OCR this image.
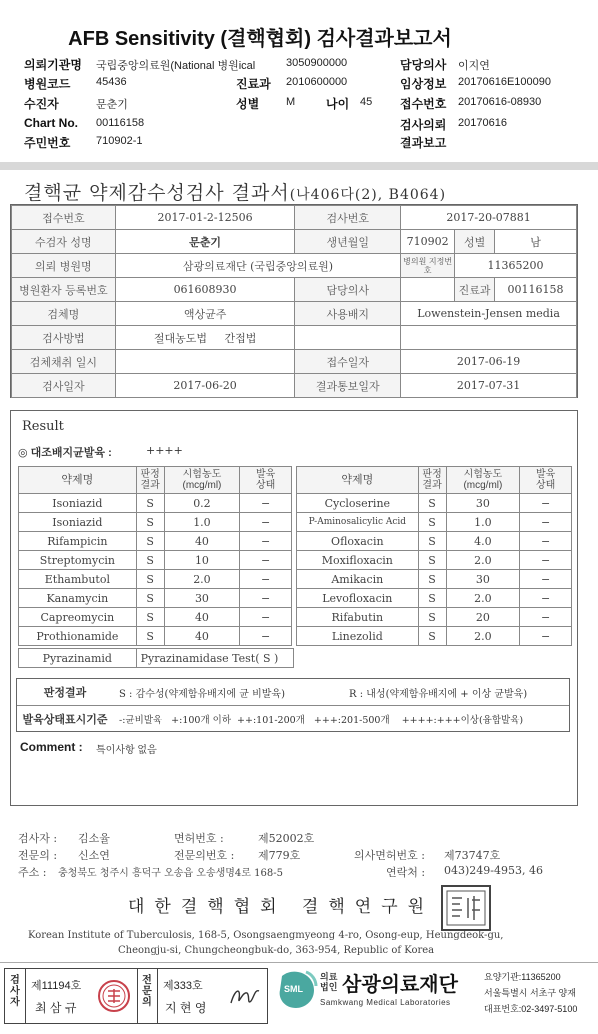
AFB Sensitivity (결핵협회) 검사결과보고서
의뢰기관명 국립중앙의료원(National 병원ical	3050900000	담당의사 이지연
병원코드 45436	진료과 2010600000	임상정보 20170616E100090
수진자	문춘기	성별 M	나이 45 접수번호 20170616-08930
Chart No. 00116158	검사의뢰 20170616
주민번호 710902-1	결과보고
결핵균 약제감수성검사 결과서(나406다(2), B4064)
접수번호	2017-01-2-12506	검사번호	2017-20-07881		
수검자 성명	문춘기	생년월일	710902	성별	남
의뢰 병원명	삼광의료재단 (국립중앙의료원)		병의원 지정번호	11365200	
병원환자 등록번호	061608930	담당의사		진료과	00116158
검체명	액상균주	사용배지	Lowenstein-Jensen media		
검사방법	절대농도법 간접법				
검체채취 일시		접수일자	2017-06-19		
검사일자	2017-06-20	결과통보일자	2017-07-31		
Result
◎ 대조배지균발육 :	++++
약제명	판정
결과	시험농도
(mcg/ml)	발육
상태
Isoniazid	S	0.2	−
Isoniazid	S	1.0	−
Rifampicin	S	40	−
Streptomycin	S	10	−
Ethambutol	S	2.0	−
Kanamycin	S	30	−
Capreomycin	S	40	−
Prothionamide	S	40	−
약제명	판정
결과	시험농도
(mcg/ml)	발육
상태
Cycloserine	S	30	−
P-Aminosalicylic Acid	S	1.0	−
Ofloxacin	S	4.0	−
Moxifloxacin	S	2.0	−
Amikacin	S	30	−
Levofloxacin	S	2.0	−
Rifabutin	S	20	−
Linezolid	S	2.0	−
Pyrazinamid	Pyrazinamidase Test( S )
판정결과	S : 감수성(약제함유배지에 균 비발육)	R : 내성(약제함유배지에 + 이상 균발육)
발육상태표시기준	-:균비발육   +:100개 이하  ++:101-200개   +++:201-500개    ++++:+++이상(융합발육)
Comment : 특이사항 없음
검사자 : 김소율	면허번호 :	제52002호
전문의 : 신소연	전문의번호 : 제779호	의사면허번호 : 제73747호
주소 : 충청북도 청주시 흥덕구 오송읍 오송생명4로 168-5	연락처 : 043)249-4953, 46
대한결핵협회 결핵연구원
Korean Institute of Tuberculosis, 168-5, Osongsaengmyeong 4-ro, Osong-eup, Heungdeok-gu,
Cheongju-si, Chungcheongbuk-do, 363-954, Republic of Korea
검사자
제11194호
최 삼 규
전문의
제333호
지 현 영
SML
의료
법인 삼광의료재단
Samkwang Medical Laboratories
요양기관:11365200
서울특별시 서초구 양재
대표번호:02-3497-5100
